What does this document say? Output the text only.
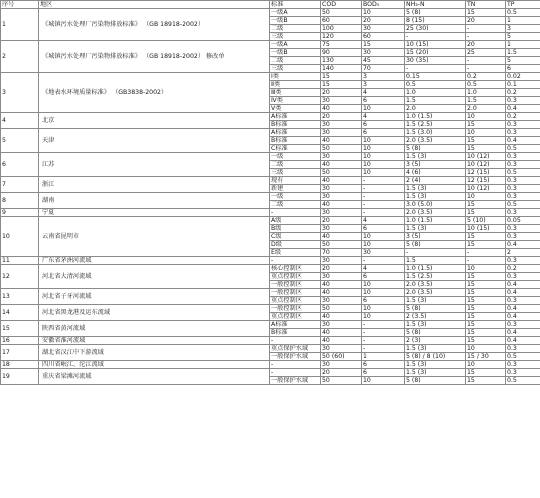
序号	地区	标准	COD	BOD₅	NH₃-N	TN	TP
1	《城镇污水处理厂污染物排放标准》 （GB 18918-2002）	一级A	50	10	5 (8)	15	0.5
		一级B	60	20	8 (15)	20	1
		二级	100	30	25 (30)	-	3
		三级	120	60	-	-	5
2	《城镇污水处理厂污染物排放标准》 （GB 18918-2002） 修改单	一级A	75	15	10 (15)	20	1
		一级B	90	30	15 (20)	25	1.5
		二级	130	45	30 (35)	-	5
		三级	140	70	-	-	6
3	《地表水环境质量标准》 （GB3838-2002）	Ⅰ类	15	3	0.15	0.2	0.02
		Ⅱ类	15	3	0.5	0.5	0.1
		Ⅲ类	20	4	1.0	1.0	0.2
		Ⅳ类	30	6	1.5	1.5	0.3
		Ⅴ类	40	10	2.0	2.0	0.4
4	北京	A标准	20	4	1.0 (1.5)	10	0.2
		B标准	30	6	1.5 (2.5)	15	0.3
5	天津	A标准	30	6	1.5 (3.0)	10	0.3
		B标准	40	10	2.0 (3.5)	15	0.4
		C标准	50	10	5 (8)	15	0.5
6	江苏	一级	30	10	1.5 (3)	10 (12)	0.3
		二级	40	10	3 (5)	10 (12)	0.3
		三级	50	10	4 (6)	12 (15)	0.5
7	浙江	现有	40	-	2 (4)	12 (15)	0.3
		新建	30	-	1.5 (3)	10 (12)	0.3
8	湖南	一级	30	-	1.5 (3)	10	0.3
		二级	40	-	3.0 (5.0)	15	0.5
9	宁夏	-	30	-	2.0 (3.5)	15	0.3
10	云南省昆明市	A级	20	4	1.0 (1.5)	5 (10)	0.05
		B级	30	6	1.5 (3)	10 (15)	0.3
		C级	40	10	3 (5)	15	0.3
		D级	50	10	5 (8)	15	0.4
		E级	70	30	-	-	2
11	广东省茅洲河流域	-	30	-	1.5	-	0.3
12	河北省大清河流域	核心控制区	20	4	1.0 (1.5)	10	0.2
		重点控制区	30	6	1.5 (2.5)	15	0.3
		一般控制区	40	10	2.0 (3.5)	15	0.4
13	河北省子牙河流域	一般控制区	40	10	2.0 (3.5)	15	0.4
		重点控制区	30	6	1.5 (3)	15	0.3
14	河北省黑龙港及运东流域	一般控制区	50	10	5 (8)	15	0.4
		重点控制区	40	10	2 (3.5)	15	0.4
15	陕西省黄河流域	A标准	30	-	1.5 (3)	15	0.3
		B标准	40	-	5 (8)	15	0.4
16	安徽省淮河流域	-	40	-	2 (3)	15	0.4
17	湖北省汉江中下游流域	重点保护水域	30	-	1.5 (3)	10	0.3
		一般保护水域	50 (60)	1	5 (8) / 8 (10)	15 / 30	0.5
18	四川省岷江、沱江流域	-	30	6	1.5 (3)	10	0.3
19	重庆省梁滩河流域	-	20	6	1.5 (3)	15	0.3
		一般保护水域	50	10	5 (8)	15	0.5
